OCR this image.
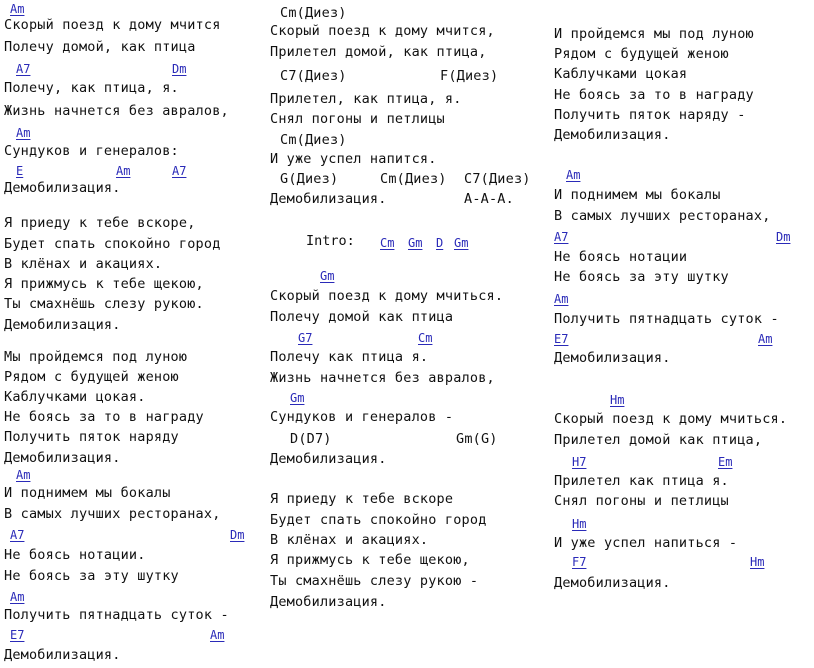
Am
Скорый поезд к дому мчится
Полечу домой, как птица
A7	Dm
Полечу, как птица, я.
Жизнь начнется без авралов,
Am
Сундуков и генералов:
E	Am	A7
Демобилизация.
Я приеду к тебе вскоре,
Будет спать спокойно город
В клёнах и акациях.
Я прижмусь к тебе щекою,
Ты смахнёшь слезу рукою.
Демобилизация.
Мы пройдемся под луною
Рядом с будущей женою
Каблучками цокая.
Не боясь за то в награду
Получить пяток наряду
Демобилизация.
Am
И поднимем мы бокалы
В самых лучших ресторанах,
A7	Dm
Не боясь нотации.
Не боясь за эту шутку
Am
Получить пятнадцать суток -
E7	Am
Демобилизация.
Cm(Диез)
Скорый поезд к дому мчится,
Прилетел домой, как птица,
C7(Диез)	F(Диез)
Прилетел, как птица, я.
Снял погоны и петлицы
Cm(Диез)
И уже успел напится.
G(Диез)	Cm(Диез) C7(Диез)
Демобилизация.	A-A-A.
Intro: Cm Gm D Gm
Gm
Скорый поезд к дому мчиться.
Полечу домой как птица
G7	Cm
Полечу как птица я.
Жизнь начнется без авралов,
Gm
Сундуков и генералов -
D(D7)	Gm(G)
Демобилизация.
Я приеду к тебе вскоре
Будет спать спокойно город
В клёнах и акациях.
Я прижмусь к тебе щекою,
Ты смахнёшь слезу рукою -
Демобилизация.
И пройдемся мы под луною
Рядом с будущей женою
Каблучками цокая
Не боясь за то в награду
Получить пяток наряду -
Демобилизация.
Am
И поднимем мы бокалы
В самых лучших ресторанах,
A7	Dm
Не боясь нотации
Не боясь за эту шутку
Am
Получить пятнадцать суток -
E7	Am
Демобилизация.
Hm
Скорый поезд к дому мчиться.
Прилетел домой как птица,
H7	Em
Прилетел как птица я.
Снял погоны и петлицы
Hm
И уже успел напиться -
F7	Hm
Демобилизация.
